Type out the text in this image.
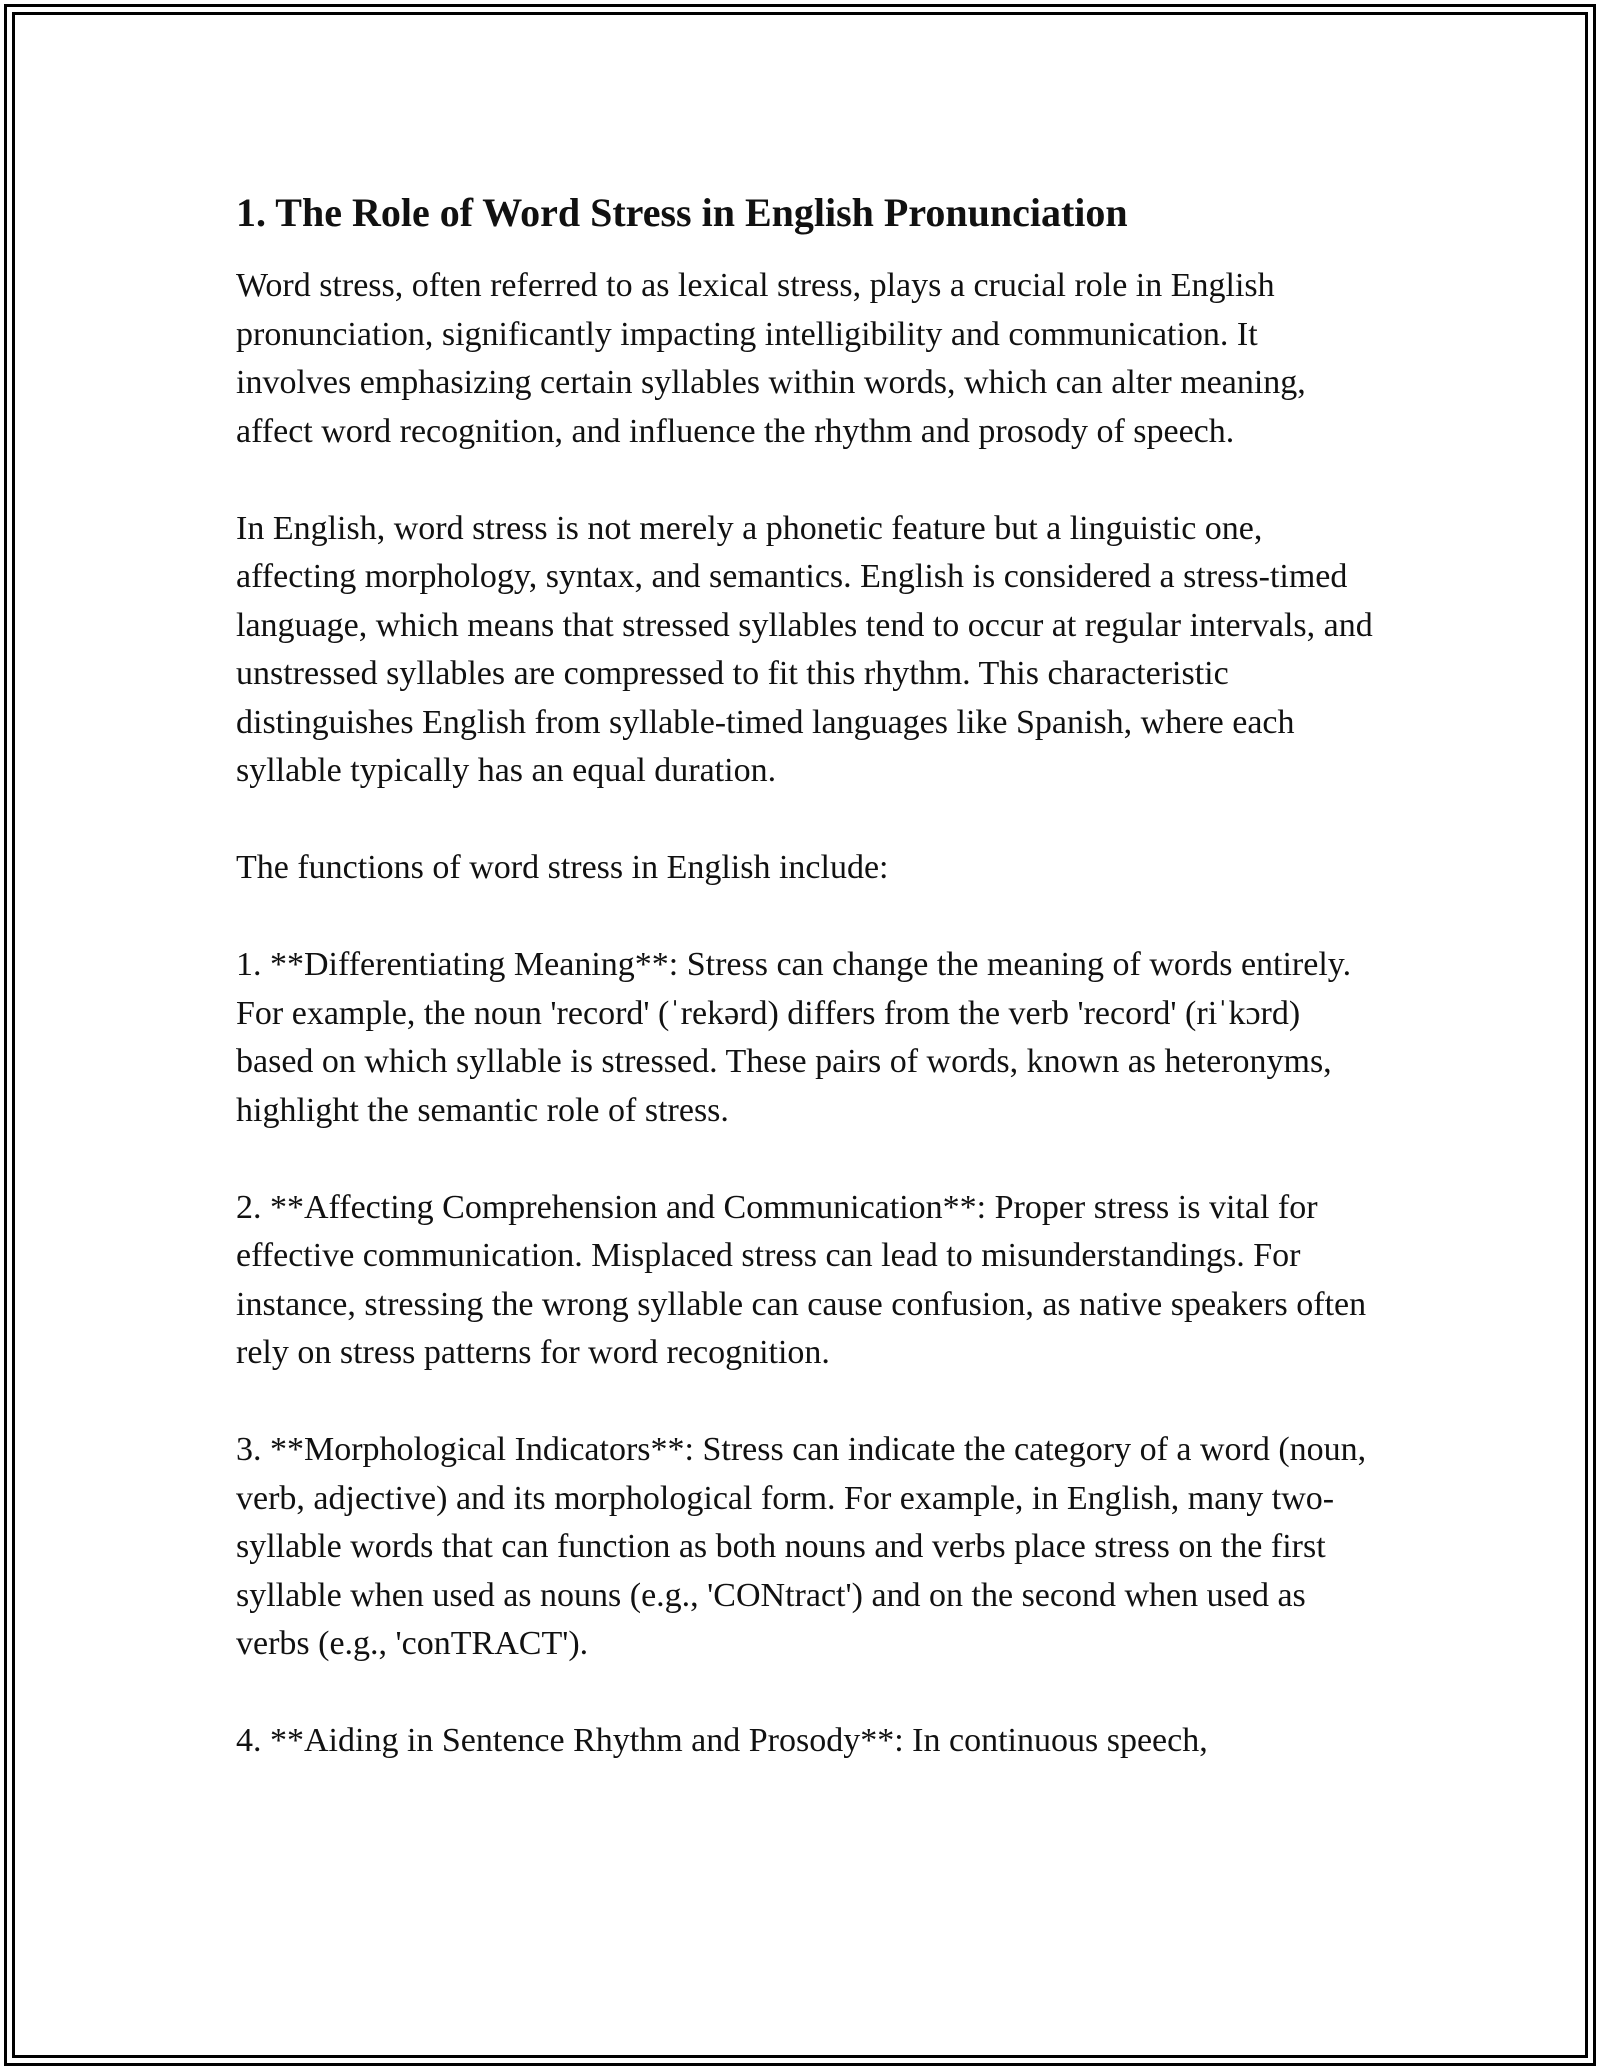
1. The Role of Word Stress in English Pronunciation

Word stress, often referred to as lexical stress, plays a crucial role in English pronunciation, significantly impacting intelligibility and communication. It involves emphasizing certain syllables within words, which can alter meaning, affect word recognition, and influence the rhythm and prosody of speech.

In English, word stress is not merely a phonetic feature but a linguistic one, affecting morphology, syntax, and semantics. English is considered a stress-timed language, which means that stressed syllables tend to occur at regular intervals, and unstressed syllables are compressed to fit this rhythm. This characteristic distinguishes English from syllable-timed languages like Spanish, where each syllable typically has an equal duration.

The functions of word stress in English include:

1. **Differentiating Meaning**: Stress can change the meaning of words entirely. For example, the noun 'record' (ˈrekərd) differs from the verb 'record' (riˈkɔrd) based on which syllable is stressed. These pairs of words, known as heteronyms, highlight the semantic role of stress.

2. **Affecting Comprehension and Communication**: Proper stress is vital for effective communication. Misplaced stress can lead to misunderstandings. For instance, stressing the wrong syllable can cause confusion, as native speakers often rely on stress patterns for word recognition.

3. **Morphological Indicators**: Stress can indicate the category of a word (noun, verb, adjective) and its morphological form. For example, in English, many two-syllable words that can function as both nouns and verbs place stress on the first syllable when used as nouns (e.g., 'CONtract') and on the second when used as verbs (e.g., 'conTRACT').

4. **Aiding in Sentence Rhythm and Prosody**: In continuous speech,
